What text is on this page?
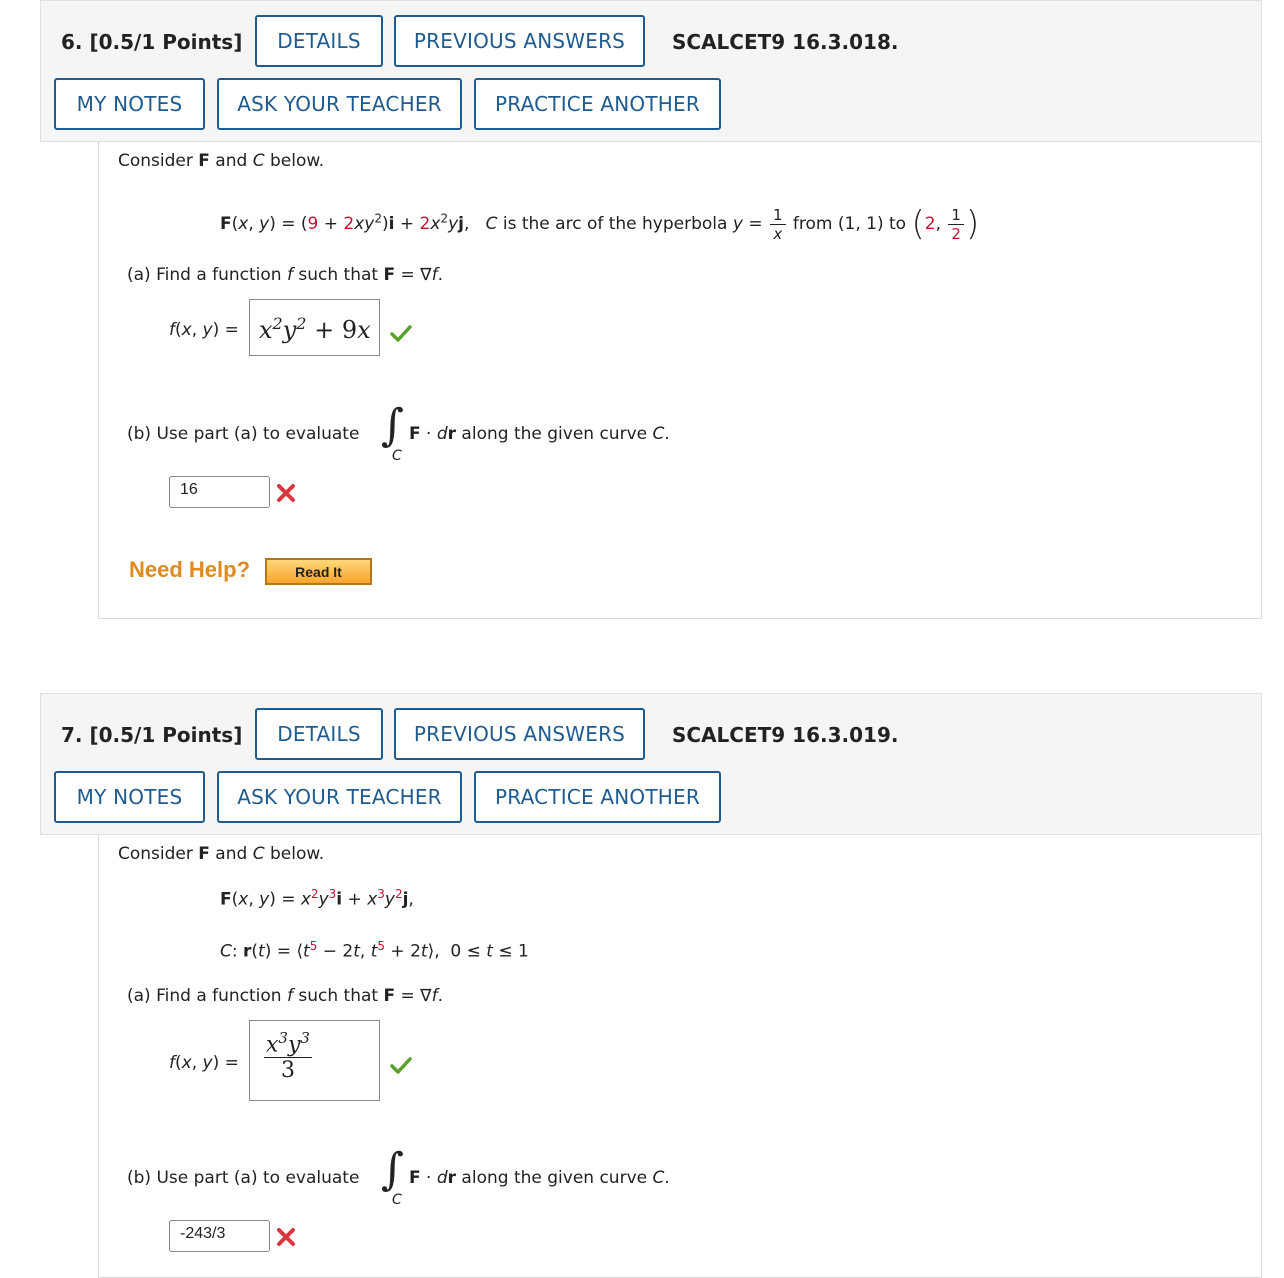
6. [0.5/1 Points]	DETAILS	PREVIOUS ANSWERS	SCALCET9 16.3.018.
MY NOTES	ASK YOUR TEACHER	PRACTICE ANOTHER
Consider F and C below.
F(x, $y) = (9 + 2xy^2)i + 2x^2yj$,   C is the arc of the hyperbola $y = \frac{1}{x}$ from (1, 1) to (2, $\frac{1}{2}$ )
(a) Find a function f such that F = ∇f.
f(x, $y) = x^2y^2 + 9x$
(b) Use part (a) to evaluate ∫
C
F · dr along the given curve C.
16
Need Help?	Read It
7. [0.5/1 Points]	DETAILS	PREVIOUS ANSWERS	SCALCET9 16.3.019.
MY NOTES	ASK YOUR TEACHER	PRACTICE ANOTHER
Consider F and C below.
F(x, $y) = x^2y^3i + x^3y^2j$,
C: $r(t) = ⟨t^5 - 2t$, $t^5$ + 2t⟩,  0 ≤ t ≤ 1
(a) Find a function f such that F = ∇f.
f(x, y) =
$x^3y^3$
3
(b) Use part (a) to evaluate ∫
C
F · dr along the given curve C.
-243/3
